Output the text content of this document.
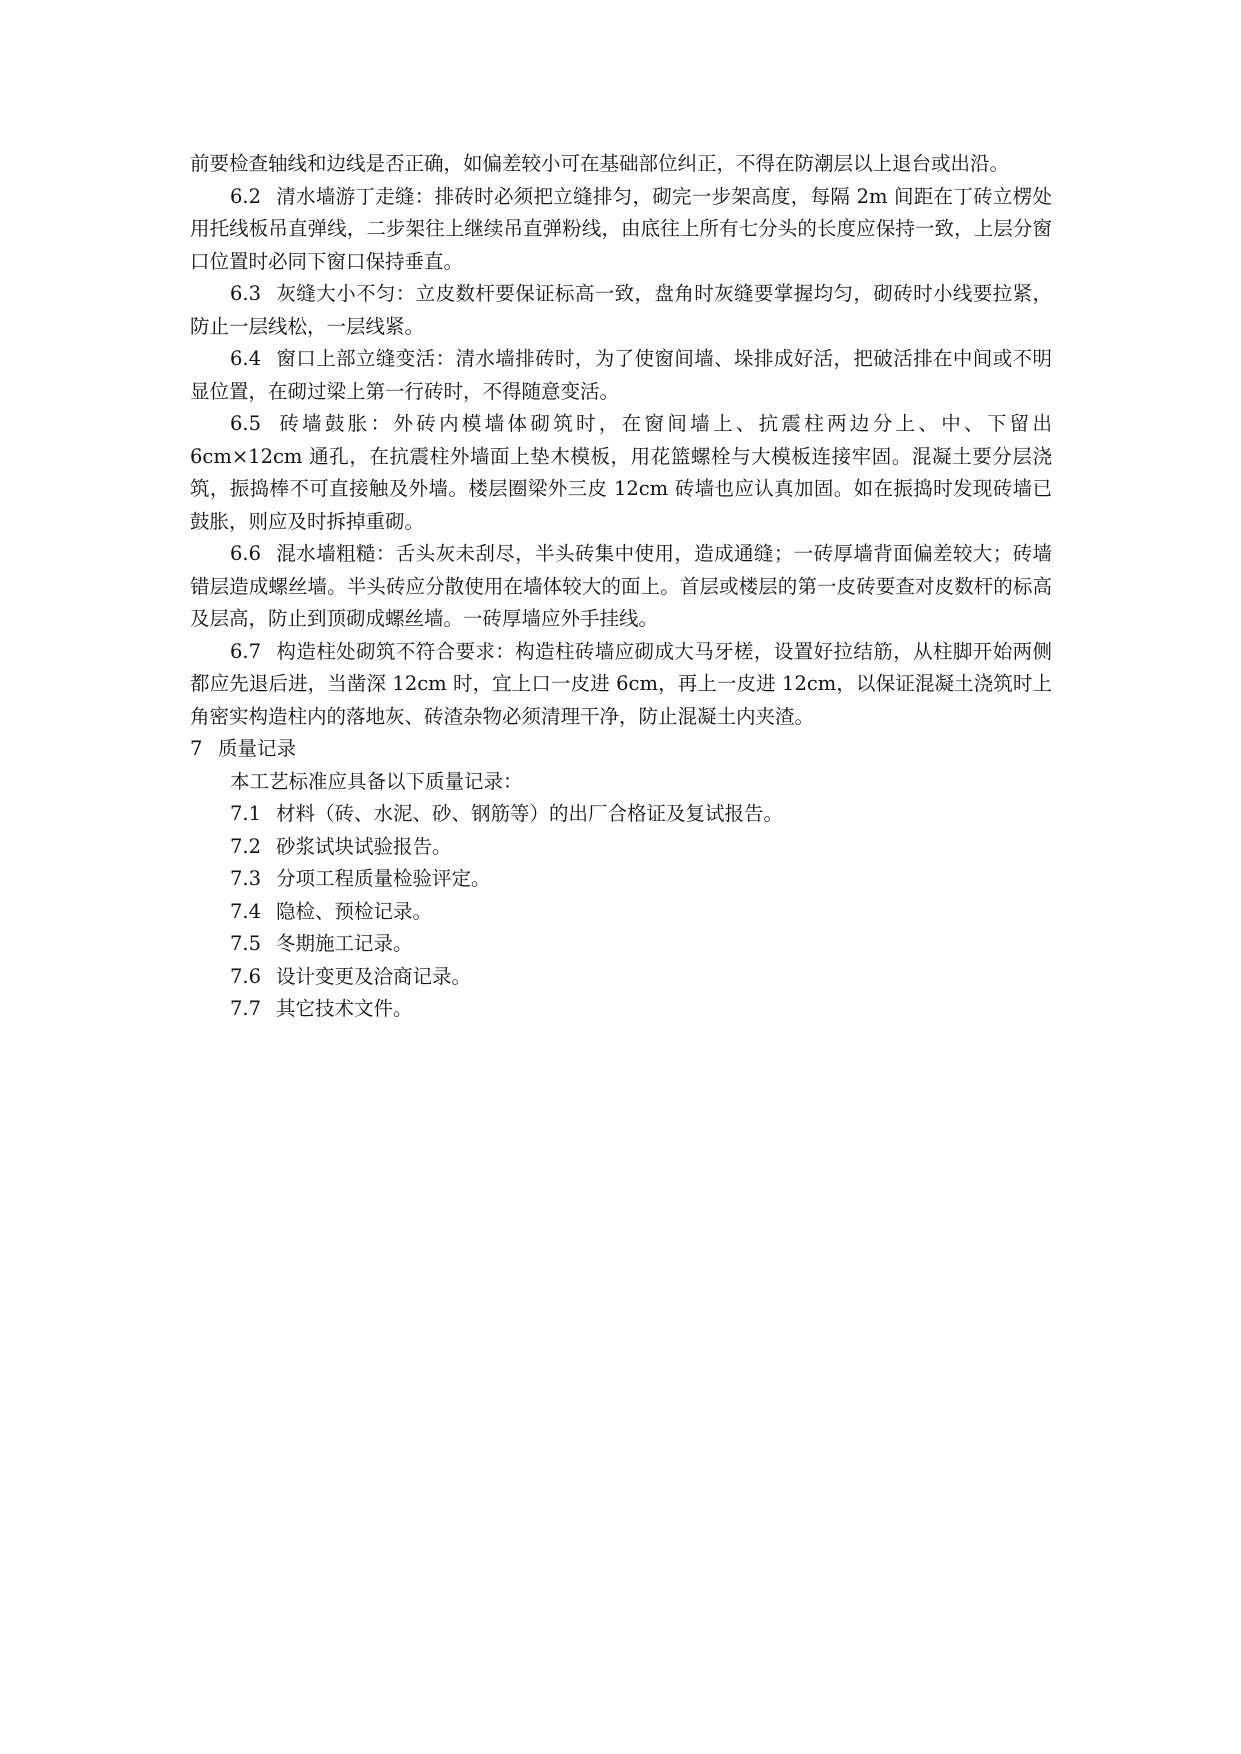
前要检查轴线和边线是否正确，如偏差较小可在基础部位纠正，不得在防潮层以上退台或出沿。

6.2 清水墙游丁走缝：排砖时必须把立缝排匀，砌完一步架高度，每隔 2m 间距在丁砖立楞处用托线板吊直弹线，二步架往上继续吊直弹粉线，由底往上所有七分头的长度应保持一致，上层分窗口位置时必同下窗口保持垂直。

6.3 灰缝大小不匀：立皮数杆要保证标高一致，盘角时灰缝要掌握均匀，砌砖时小线要拉紧，防止一层线松，一层线紧。

6.4 窗口上部立缝变活：清水墙排砖时，为了使窗间墙、垛排成好活，把破活排在中间或不明显位置，在砌过梁上第一行砖时，不得随意变活。

6.5 砖墙鼓胀：外砖内模墙体砌筑时，在窗间墙上、抗震柱两边分上、中、下留出 6cm×12cm 通孔，在抗震柱外墙面上垫木模板，用花篮螺栓与大模板连接牢固。混凝土要分层浇筑，振捣棒不可直接触及外墙。楼层圈梁外三皮 12cm 砖墙也应认真加固。如在振捣时发现砖墙已鼓胀，则应及时拆掉重砌。

6.6 混水墙粗糙：舌头灰未刮尽，半头砖集中使用，造成通缝；一砖厚墙背面偏差较大；砖墙错层造成螺丝墙。半头砖应分散使用在墙体较大的面上。首层或楼层的第一皮砖要查对皮数杆的标高及层高，防止到顶砌成螺丝墙。一砖厚墙应外手挂线。

6.7 构造柱处砌筑不符合要求：构造柱砖墙应砌成大马牙槎，设置好拉结筋，从柱脚开始两侧都应先退后进，当凿深 12cm 时，宜上口一皮进 6cm，再上一皮进 12cm，以保证混凝土浇筑时上角密实构造柱内的落地灰、砖渣杂物必须清理干净，防止混凝土内夹渣。

7 质量记录

本工艺标准应具备以下质量记录：

7.1 材料（砖、水泥、砂、钢筋等）的出厂合格证及复试报告。

7.2 砂浆试块试验报告。

7.3 分项工程质量检验评定。

7.4 隐检、预检记录。

7.5 冬期施工记录。

7.6 设计变更及洽商记录。

7.7 其它技术文件。
